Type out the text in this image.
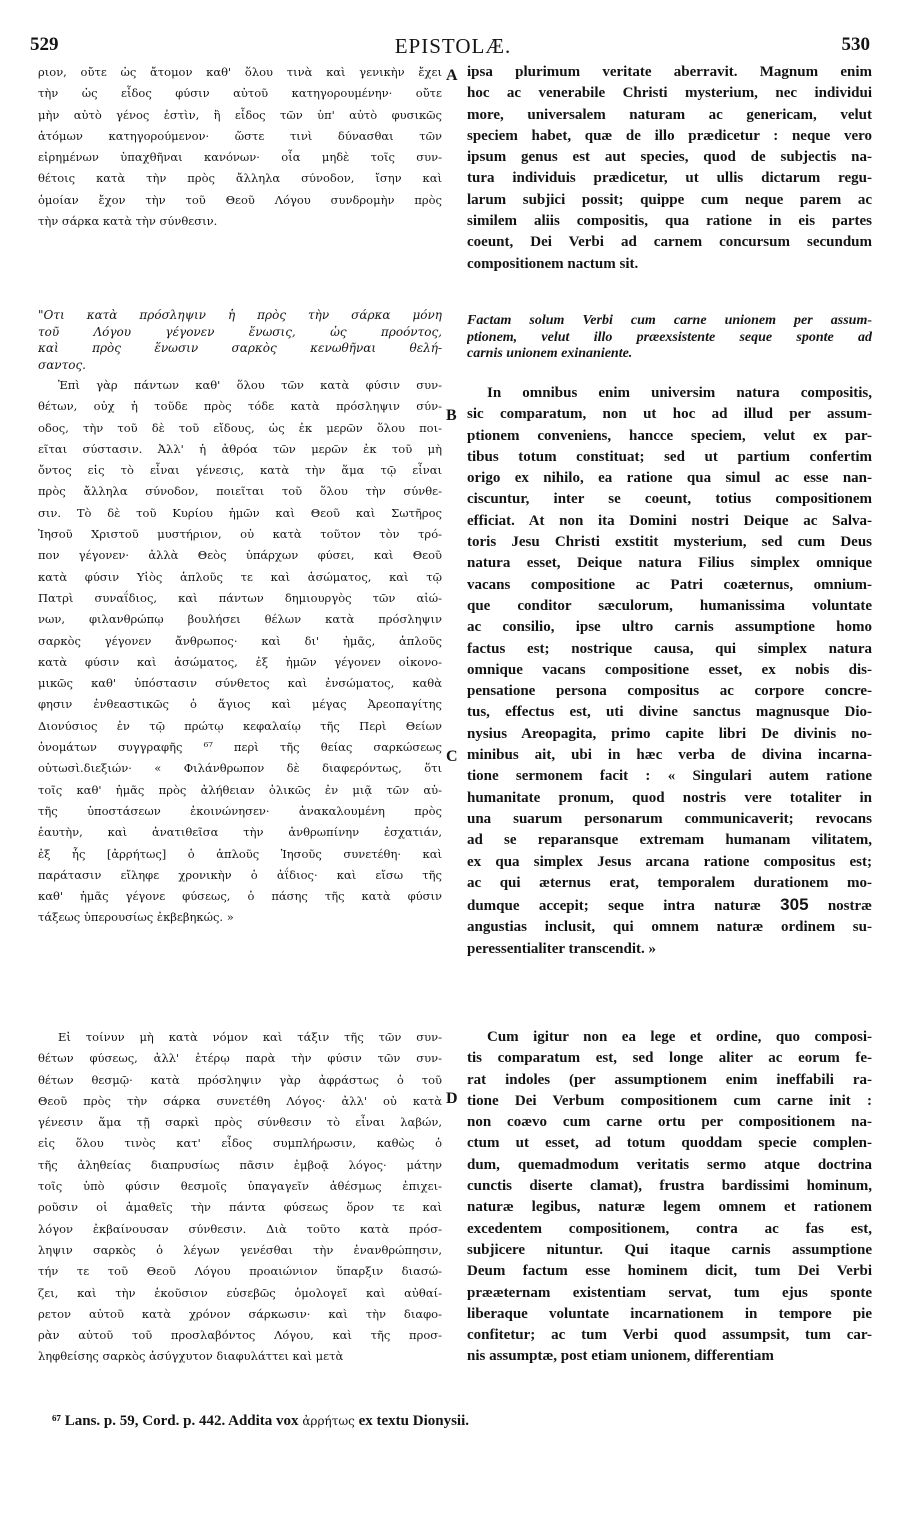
529	EPISTOLÆ.	530
ριον, οὔτε ὡς ἄτομον καθ' ὅλου τινὰ καὶ γενικὴν ἔχει
τὴν ὡς εἶδος φύσιν αὐτοῦ κατηγορουμένην· οὔτε
μὴν αὐτὸ γένος ἐστὶν, ἢ εἶδος τῶν ὑπ' αὐτὸ φυσικῶς
ἀτόμων κατηγορούμενον· ὥστε τινὶ δύνασθαι τῶν
εἰρημένων ὑπαχθῆναι κανόνων· οἷα μηδὲ τοῖς συν-
θέτοις κατὰ τὴν πρὸς ἄλληλα σύνοδον, ἴσην καὶ
ὁμοίαν ἔχον τὴν τοῦ Θεοῦ Λόγου συνδρομὴν πρὸς
τὴν σάρκα κατὰ τὴν σύνθεσιν.
"Οτι κατὰ πρόσληψιν ἡ πρὸς τὴν σάρκα μόνη
τοῦ Λόγου γέγονεν ἕνωσις, ὡς προόντος,
καὶ πρὸς ἕνωσιν σαρκὸς κενωθῆναι θελή-
σαντος.
Ἐπὶ γὰρ πάντων καθ' ὅλου τῶν κατὰ φύσιν συν-
θέτων, οὐχ ἡ τοῦδε πρὸς τόδε κατὰ πρόσληψιν σύν-
οδος, τὴν τοῦ δὲ τοῦ εἴδους, ὡς ἐκ μερῶν ὅλου ποι-
εῖται σύστασιν. Ἀλλ' ἡ ἀθρόα τῶν μερῶν ἐκ τοῦ μὴ
ὄντος εἰς τὸ εἶναι γένεσις, κατὰ τὴν ἅμα τῷ εἶναι
πρὸς ἄλληλα σύνοδον, ποιεῖται τοῦ ὅλου τὴν σύνθε-
σιν. Τὸ δὲ τοῦ Κυρίου ἡμῶν καὶ Θεοῦ καὶ Σωτῆρος
Ἰησοῦ Χριστοῦ μυστήριον, οὐ κατὰ τοῦτον τὸν τρό-
πον γέγονεν· ἀλλὰ Θεὸς ὑπάρχων φύσει, καὶ Θεοῦ
κατὰ φύσιν Υἱὸς ἁπλοῦς τε καὶ ἀσώματος, καὶ τῷ
Πατρὶ συναΐδιος, καὶ πάντων δημιουργὸς τῶν αἰώ-
νων, φιλανθρώπῳ βουλήσει θέλων κατὰ πρόσληψιν
σαρκὸς γέγονεν ἄνθρωπος· καὶ δι' ἡμᾶς, ἁπλοῦς
κατὰ φύσιν καὶ ἀσώματος, ἐξ ἡμῶν γέγονεν οἰκονο-
μικῶς καθ' ὑπόστασιν σύνθετος καὶ ἐνσώματος, καθὰ
φησιν ἐνθεαστικῶς ὁ ἅγιος καὶ μέγας Ἀρεοπαγίτης
Διονύσιος ἐν τῷ πρώτῳ κεφαλαίῳ τῆς Περὶ Θείων
ὀνομάτων συγγραφῆς ⁶⁷ περὶ τῆς θείας σαρκώσεως
οὑτωσὶ.διεξιών· « Φιλάνθρωπον δὲ διαφερόντως, ὅτι
τοῖς καθ' ἡμᾶς πρὸς ἀλήθειαν ὁλικῶς ἐν μιᾷ τῶν αὐ-
τῆς ὑποστάσεων ἐκοινώνησεν· ἀνακαλουμένη πρὸς
ἑαυτὴν, καὶ ἀνατιθεῖσα τὴν ἀνθρωπίνην ἐσχατιάν,
ἐξ ἧς [ἀρρήτως] ὁ ἁπλοῦς Ἰησοῦς συνετέθη· καὶ
παράτασιν εἴληφε χρονικὴν ὁ ἀΐδιος· καὶ εἴσω τῆς
καθ' ἡμᾶς γέγονε φύσεως, ὁ πάσης τῆς κατὰ φύσιν
τάξεως ὑπερουσίως ἐκβεβηκώς. »
Εἰ τοίνυν μὴ κατὰ νόμον καὶ τάξιν τῆς τῶν συν-
θέτων φύσεως, ἀλλ' ἑτέρῳ παρὰ τὴν φύσιν τῶν συν-
θέτων θεσμῷ· κατὰ πρόσληψιν γὰρ ἀφράστως ὁ τοῦ
Θεοῦ πρὸς τὴν σάρκα συνετέθη Λόγος· ἀλλ' οὐ κατὰ
γένεσιν ἅμα τῇ σαρκὶ πρὸς σύνθεσιν τὸ εἶναι λαβών,
εἰς ὅλου τινὸς κατ' εἶδος συμπλήρωσιν, καθὼς ὁ
τῆς ἀληθείας διαπρυσίως πᾶσιν ἐμβοᾷ λόγος· μάτην
τοῖς ὑπὸ φύσιν θεσμοῖς ὑπαγαγεῖν ἀθέσμως ἐπιχει-
ροῦσιν οἱ ἀμαθεῖς τὴν πάντα φύσεως ὅρον τε καὶ
λόγον ἐκβαίνουσαν σύνθεσιν. Διὰ τοῦτο κατὰ πρόσ-
ληψιν σαρκὸς ὁ λέγων γενέσθαι τὴν ἐνανθρώπησιν,
τήν τε τοῦ Θεοῦ Λόγου προαιώνιον ὕπαρξιν διασώ-
ζει, καὶ τὴν ἑκοῦσιον εὐσεβῶς ὁμολογεῖ καὶ αὐθαί-
ρετον αὐτοῦ κατὰ χρόνον σάρκωσιν· καὶ τὴν διαφο-
ρὰν αὐτοῦ τοῦ προσλαβόντος Λόγου, καὶ τῆς προσ-
ληφθείσης σαρκὸς ἀσύγχυτον διαφυλάττει καὶ μετὰ
ipsa plurimum veritate aberravit. Magnum enim
hoc ac venerabile Christi mysterium, nec individui
more, universalem naturam ac genericam, velut
speciem habet, quæ de illo prædicetur : neque vero
ipsum genus est aut species, quod de subjectis na-
tura individuis prædicetur, ut ullis dictarum regu-
larum subjici possit; quippe cum neque parem ac
similem aliis compositis, qua ratione in eis partes
coeunt, Dei Verbi ad carnem concursum secundum
compositionem nactum sit.
Factam solum Verbi cum carne unionem per assum-
ptionem, velut illo præexsistente seque sponte ad
carnis unionem exinaniente.
In omnibus enim universim natura compositis,
sic comparatum, non ut hoc ad illud per assum-
ptionem conveniens, hancce speciem, velut ex par-
tibus totum constituat; sed ut partium confertim
origo ex nihilo, ea ratione qua simul ac esse nan-
ciscuntur, inter se coeunt, totius compositionem
efficiat. At non ita Domini nostri Deique ac Salva-
toris Jesu Christi exstitit mysterium, sed cum Deus
natura esset, Deique natura Filius simplex omnique
vacans compositione ac Patri coæternus, omnium-
que conditor sæculorum, humanissima voluntate
ac consilio, ipse ultro carnis assumptione homo
factus est; nostrique causa, qui simplex natura
omnique vacans compositione esset, ex nobis dis-
pensatione persona compositus ac corpore concre-
tus, effectus est, uti divine sanctus magnusque Dio-
nysius Areopagita, primo capite libri De divinis no-
minibus ait, ubi in hæc verba de divina incarna-
tione sermonem facit : « Singulari autem ratione
humanitate pronum, quod nostris vere totaliter in
una suarum personarum communicaverit; revocans
ad se reparansque extremam humanam vilitatem,
ex qua simplex Jesus arcana ratione compositus est;
ac qui æternus erat, temporalem durationem mo-
dumque accepit; seque intra naturæ 305 nostræ
angustias inclusit, qui omnem naturæ ordinem su-
peressentialiter transcendit. »
Cum igitur non ea lege et ordine, quo composi-
tis comparatum est, sed longe aliter ac eorum fe-
rat indoles (per assumptionem enim ineffabili ra-
tione Dei Verbum compositionem cum carne init :
non coævo cum carne ortu per compositionem na-
ctum ut esset, ad totum quoddam specie complen-
dum, quemadmodum veritatis sermo atque doctrina
cunctis diserte clamat), frustra bardissimi hominum,
naturæ legibus, naturæ legem omnem et rationem
excedentem compositionem, contra ac fas est,
subjicere nituntur. Qui itaque carnis assumptione
Deum factum esse hominem dicit, tum Dei Verbi
prææternam existentiam servat, tum ejus sponte
liberaque voluntate incarnationem in tempore pie
confitetur; ac tum Verbi quod assumpsit, tum car-
nis assumptæ, post etiam unionem, differentiam
A
B
C
D
⁶⁷ Lans. p. 59, Cord. p. 442. Addita vox ἀρρήτως ex textu Dionysii.
